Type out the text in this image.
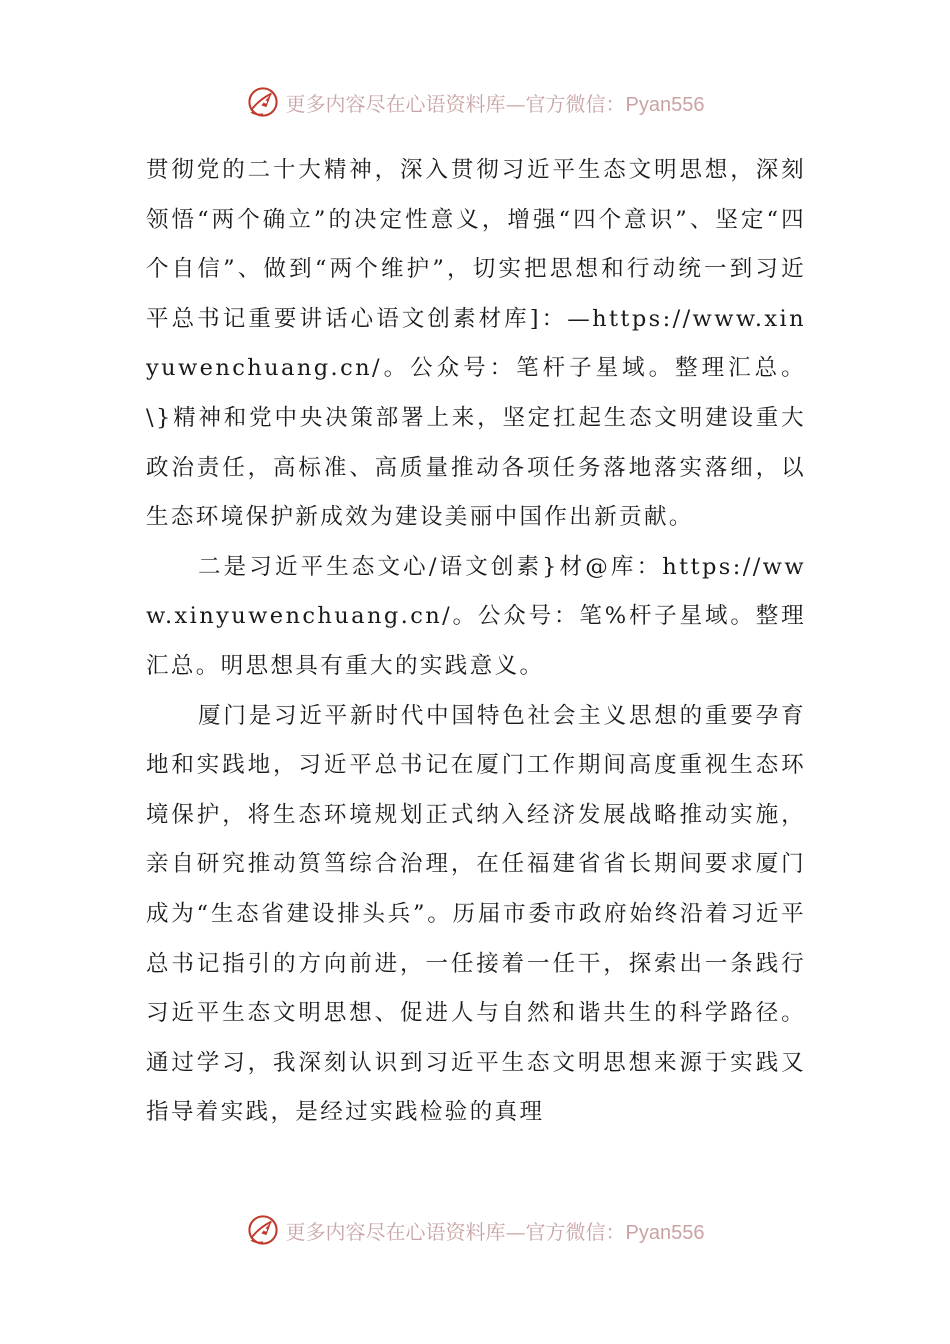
更多内容尽在心语资料库—官方微信：Pyan556

贯彻党的二十大精神，深入贯彻习近平生态文明思想，深刻领悟“两个确立”的决定性意义，增强“四个意识”、坚定“四个自信”、做到“两个维护”，切实把思想和行动统一到习近平总书记重要讲话心语文创素材库]：—https://www.xinyuwenchuang.cn/。公众号：笔杆子星域。整理汇总。\}精神和党中央决策部署上来，坚定扛起生态文明建设重大政治责任，高标准、高质量推动各项任务落地落实落细，以生态环境保护新成效为建设美丽中国作出新贡献。

二是习近平生态文心/语文创素}材@库：https://www.xinyuwenchuang.cn/。公众号：笔%杆子星域。整理汇总。明思想具有重大的实践意义。

厦门是习近平新时代中国特色社会主义思想的重要孕育地和实践地，习近平总书记在厦门工作期间高度重视生态环境保护，将生态环境规划正式纳入经济发展战略推动实施，亲自研究推动筼筜综合治理，在任福建省省长期间要求厦门成为“生态省建设排头兵”。历届市委市政府始终沿着习近平总书记指引的方向前进，一任接着一任干，探索出一条践行习近平生态文明思想、促进人与自然和谐共生的科学路径。通过学习，我深刻认识到习近平生态文明思想来源于实践又指导着实践，是经过实践检验的真理

更多内容尽在心语资料库—官方微信：Pyan556
